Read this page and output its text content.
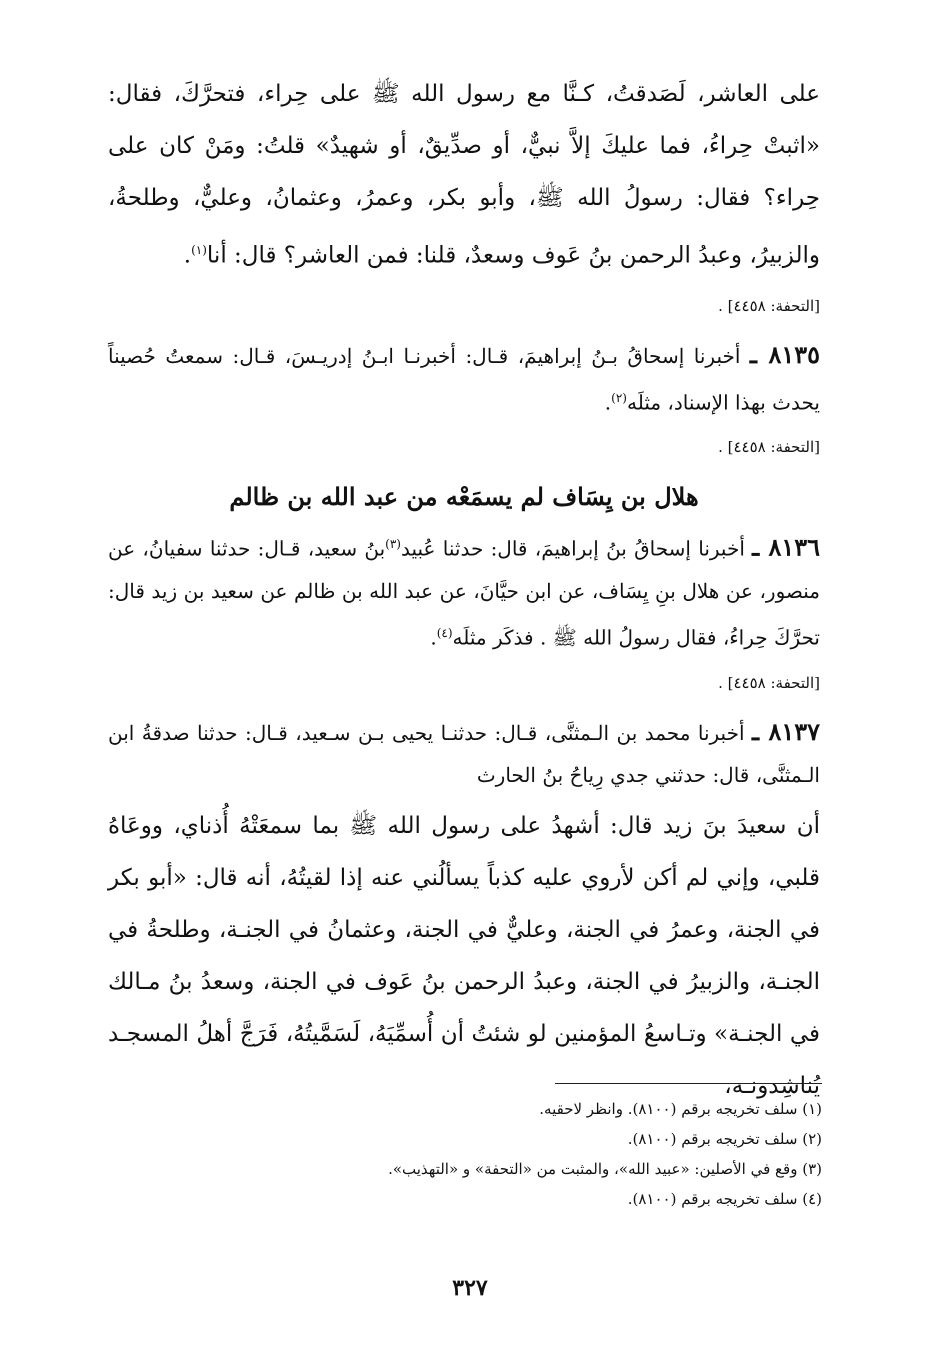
على العاشر، لَصَدقتُ، كـنَّا مع رسول الله ﷺ على حِراء، فتحرَّكَ، فقال: «اثبتْ حِراءُ، فما عليكَ إلاَّ نبيٌّ، أو صدِّيقٌ، أو شهيدٌ» قلتُ: ومَنْ كان على حِراء؟ فقال: رسولُ الله ﷺ، وأبو بكر، وعمرُ، وعثمانُ، وعليٌّ، وطلحةُ، والزبيرُ، وعبدُ الرحمن بنُ عَوف وسعدٌ، قلنا: فمن العاشر؟ قال: أنا$^{(١)}$.

[التحفة: ٤٤٥٨] .

٨١٣٥ ـ أخبرنا إسحاقُ بـنُ إبراهيمَ، قـال: أخبرنـا ابـنُ إدريـسَ، قـال: سمعتُ حُصيناً يحدث بهذا الإسناد، مثلَه$^{(٢)}$.

[التحفة: ٤٤٥٨] .
هلال بن يِسَاف لم يسمَعْه من عبد الله بن ظالم

٨١٣٦ ـ أخبرنا إسحاقُ بنُ إبراهيمَ، قال: حدثنا عُبيد$^{(٣)}$بنُ سعيد، قـال: حدثنا سفيانُ، عن منصور، عن هلال بنِ يِسَاف، عن ابن حيَّانَ، عن عبد الله بن ظالم عن سعيد بن زيد قال: تحرَّكَ حِراءُ، فقال رسولُ الله ﷺ . فذكَر مثلَه$^{(٤)}$.

[التحفة: ٤٤٥٨] .

٨١٣٧ ـ أخبرنا محمد بن الـمثنَّى، قـال: حدثنـا يحيى بـن سـعيد، قـال: حدثنا صدقةُ ابن الـمثنَّى، قال: حدثني جدي رِياحُ بنُ الحارث

أن سعيدَ بنَ زيد قال: أشهدُ على رسول الله ﷺ بما سمعَتْهُ أُذناي، ووعَاهُ قلبي، وإني لم أكن لأروي عليه كذباً يسألُني عنه إذا لقيتُهُ، أنه قال: «أبو بكر في الجنة، وعمرُ في الجنة، وعليٌّ في الجنة، وعثمانُ في الجنـة، وطلحةُ في الجنـة، والزبيرُ في الجنة، وعبدُ الرحمن بنُ عَوف في الجنة، وسعدُ بنُ مـالك في الجنـة» وتـاسعُ المؤمنين لو شئتُ أن أُسمِّيَهُ، لَسَمَّيتُهُ، فَرَجَّ أهلُ المسجـد يُناشِدونـه،

(١) سلف تخريجه برقم (٨١٠٠). وانظر لاحقيه.
(٢) سلف تخريجه برقم (٨١٠٠).
(٣) وقع في الأصلين: «عبيد الله»، والمثبت من «التحفة» و «التهذيب».
(٤) سلف تخريجه برقم (٨١٠٠).
٣٢٧
